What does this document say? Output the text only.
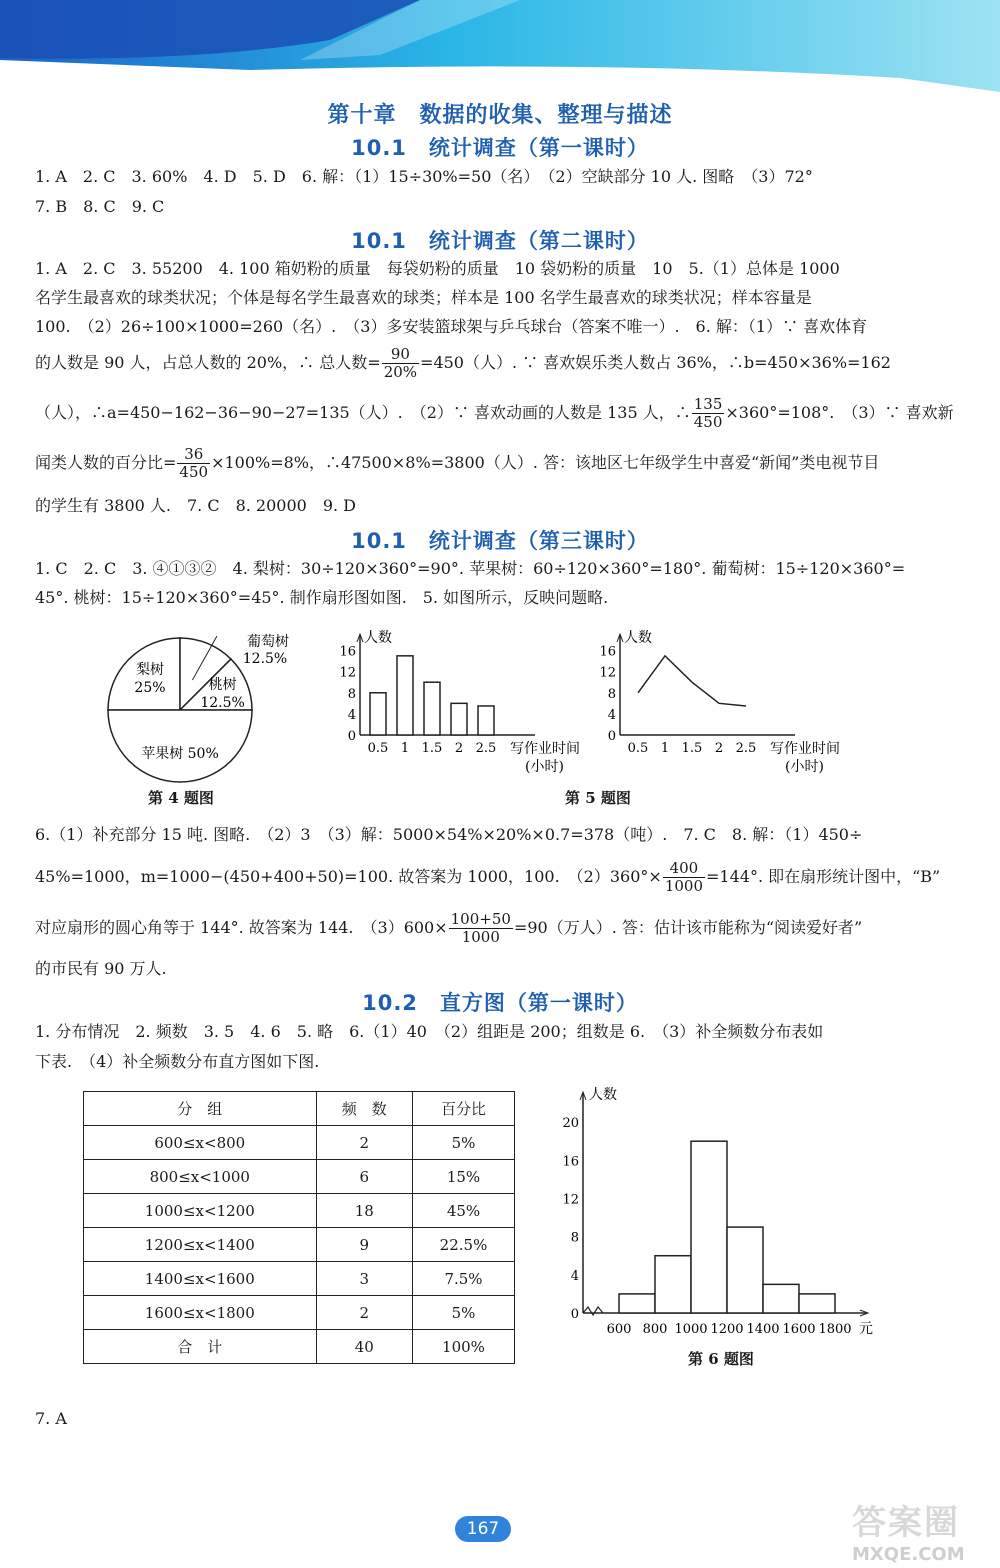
第十章　数据的收集、整理与描述
10.1　统计调查（第一课时）
1. A　2. C　3. 60%　4. D　5. D　6. 解：（1）15÷30%=50（名）　（2）空缺部分 10 人. 图略　（3）72°
7. B　8. C　9. C
10.1　统计调查（第二课时）
1. A　2. C　3. 55200　4. 100 箱奶粉的质量　每袋奶粉的质量　10 袋奶粉的质量　10　5.（1）总体是 1000
名学生最喜欢的球类状况；个体是每名学生最喜欢的球类；样本是 100 名学生最喜欢的球类状况；样本容量是
100.　（2）26÷100×1000=260（名）.　（3）多安装篮球架与乒乓球台（答案不唯一）.　6. 解：（1）∵ 喜欢体育
的人数是 90 人，占总人数的 20%，∴ 总人数= $\frac{90}{20\%} =450$（人）. ∵ 喜欢娱乐类人数占 36%，∴b=450×36%=162
（人），∴a=450−162−36−90−27=135（人）.　（2）∵ 喜欢动画的人数是 135 人，∴ $\frac{135}{450} \times 360^\circ=108^\circ$.　（3）∵ 喜欢新
闻类人数的百分比= $\frac{36}{450} \times 100\%=8\%$，∴47500×8%=3800（人）. 答：该地区七年级学生中喜爱“新闻”类电视节目
的学生有 3800 人.　7. C　8. 20000　9. D
10.1　统计调查（第三课时）
1. C　2. C　3. ④①③②　4. 梨树：30÷120×360°=90°. 苹果树：60÷120×360°=180°. 葡萄树：15÷120×360°=
45°. 桃树：15÷120×360°=45°. 制作扇形图如图.　5. 如图所示，反映问题略.
梨树
25%
葡萄树
12.5%
桃树
12.5%
苹果树 50%
第 4 题图
人数
0
4
8
12
16
0.5 1 1.5 2 2.5 写作业时间
(小时)
人数
0
4
8
12
16
0.5 1 1.5 2 2.5 写作业时间
(小时)
第 5 题图
6.（1）补充部分 15 吨. 图略.　（2）3　（3）解：5000×54%×20%×0.7=378（吨）.　7. C　8. 解：（1）450÷
45%=1000，m=1000−(450+400+50)=100. 故答案为 1000，100.　$(2)360^\circ\times \frac{400}{1000} =144^\circ$. 即在扇形统计图中，“B”
对应扇形的圆心角等于 144°. 故答案为 144.　$(3)600\times \frac{100+50}{1000} =90$（万人）. 答：估计该市能称为“阅读爱好者”
的市民有 90 万人.
10.2　直方图（第一课时）
1. 分布情况　2. 频数　3. 5　4. 6　5. 略　6.（1）40　（2）组距是 200；组数是 6.　（3）补全频数分布表如
下表.　（4）补全频数分布直方图如下图.
分　组	频　数	百分比
600≤x<800	2	5%
800≤x<1000	6	15%
1000≤x<1200	18	45%
1200≤x<1400	9	22.5%
1400≤x<1600	3	7.5%
1600≤x<1800	2	5%
合　计	40	100%
人数
0
4
8
12
16
20
600 800 1000 1200 1400 1600 1800 元
第 6 题图
7. A
167	答案圈
MXQE.COM
